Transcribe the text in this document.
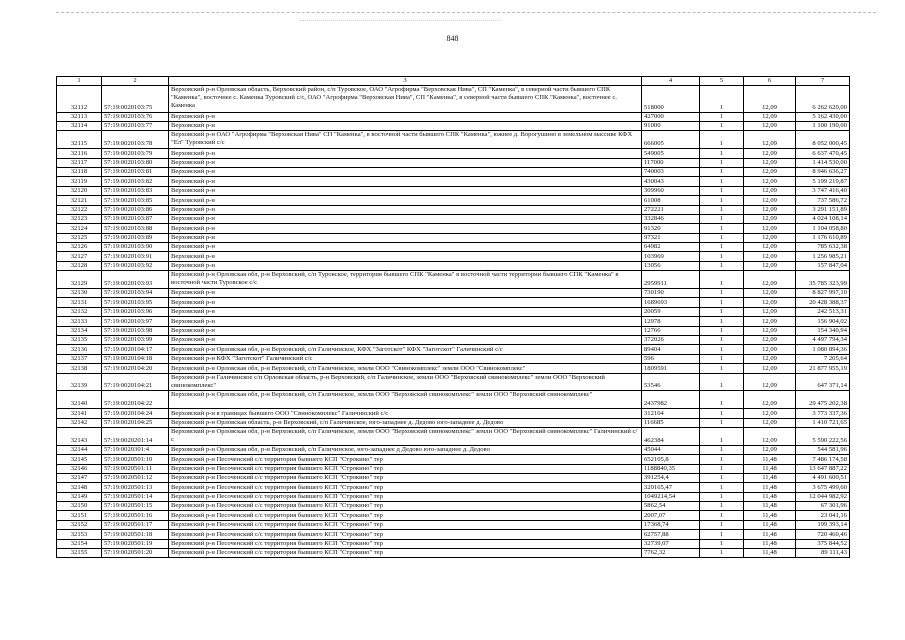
848
1	2	3	4	5	6	7
32112	57:19:0020103:75	Верховский р-н Орловская область, Верховский район, с/п Туровское, ОАО "Агрофирма "Верховская Нива", СП "Каменка", в северной части бывшего СПК "Каменка", восточнее с. Каменка Туровский с/с, ОАО "Агрофирма "Верховская Нива", СП "Каменка", в северной части бывшего СПК "Каменка", восточнее с. Каменка	518000	1	12,09	6 262 620,00
32113	57:19:0020103:76	Верховский р-н	427000	1	12,09	5 162 430,00
32114	57:19:0020103:77	Верховский р-н	91000	1	12,09	1 100 190,00
32115	57:19:0020103:78	Верховский р-н ОАО "Агрофирма "Верховская Нива" СП "Каменка", в восточной части бывшего СПК "Каменка", южнее д. Ворогушино в земельном массиве КФХ "Ел" Туровский с/с	666005	1	12,09	8 052 000,45
32116	57:19:0020103:79	Верховский р-н	549005	1	12,09	6 637 470,45
32117	57:19:0020103:80	Верховский р-н	117000	1	12,09	1 414 530,00
32118	57:19:0020103:81	Верховский р-н	740003	1	12,09	8 946 636,27
32119	57:19:0020103:82	Верховский р-н	430043	1	12,09	5 199 219,87
32120	57:19:0020103:83	Верховский р-н	309960	1	12,09	3 747 416,40
32121	57:19:0020103:85	Верховский р-н	61008	1	12,09	737 586,72
32122	57:19:0020103:86	Верховский р-н	272221	1	12,09	3 291 151,89
32123	57:19:0020103:87	Верховский р-н	332846	1	12,09	4 024 108,14
32124	57:19:0020103:88	Верховский р-н	91320	1	12,09	1 104 058,80
32125	57:19:0020103:89	Верховский р-н	97321	1	12,09	1 176 610,89
32126	57:19:0020103:90	Верховский р-н	64982	1	12,09	785 632,38
32127	57:19:0020103:91	Верховский р-н	103969	1	12,09	1 256 985,21
32128	57:19:0020103:92	Верховский р-н	13056	1	12,09	157 847,04
32129	57:19:0020103:93	Верховский р-н Орловская обл, р-н Верховский, с/п Туровское, территория бывшего СПК "Каменка" в восточной части территории бывшего СПК "Каменка" в восточной части Туровское с/с	2959911	1	12,09	35 785 323,99
32130	57:19:0020103:94	Верховский р-н	730190	1	12,09	8 827 997,10
32131	57:19:0020103:95	Верховский р-н	1689693	1	12,09	20 428 388,37
32132	57:19:0020103:96	Верховский р-н	20059	1	12,09	242 513,31
32133	57:19:0020103:97	Верховский р-н	12978	1	12,09	156 904,02
32134	57:19:0020103:98	Верховский р-н	12766	1	12,09	154 340,94
32135	57:19:0020103:99	Верховский р-н	372026	1	12,09	4 497 794,34
32136	57:19:0020104:17	Верховский р-н Орловская обл, р-н Верховский, с/п Галичинское, КФХ "Заготскот" КФХ "Заготскот" Галичинский с/с	89404	1	12,09	1 080 894,36
32137	57:19:0020104:18	Верховский р-н КФХ "Заготскот" Галичинский с/с	596	1	12,09	7 205,64
32138	57:19:0020104:20	Верховский р-н Орловская обл, р-н Верховский, с/п Галичинское, земли ООО "Свинокомплекс" земли ООО "Свинокомплекс"	1809591	1	12,09	21 877 955,19
32139	57:19:0020104:21	Верховский р-н Галичинское с/п Орловская область, р-н Верховский, с/п Галичинское, земли ООО "Верховский свинокомплекс" земли ООО "Верховский свинокомплекс"	53546	1	12,09	647 371,14
32140	57:19:0020104:22	Верховский р-н Орловская обл, р-н Верховский, с/п Галичинское, земли ООО "Верховский свинокомплекс" земли ООО "Верховский свинокомплекс"	2437982	1	12,09	29 475 202,38
32141	57:19:0020104:24	Верховский р-н в границах бывшего ООО "Свинокомплекс" Галичинский с/с	312104	1	12,09	3 773 337,36
32142	57:19:0020104:25	Верховский р-н Орловская область, р-н Верховский, с/п Галичинское, юго-западнее д. Дедово юго-западнее д. Дедово	116685	1	12,09	1 410 721,65
32143	57:19:0020201:14	Верховский р-н Орловская обл, р-н Верховский, с/п Галичинское, земли ООО "Верховский свинокомплекс" земли ООО "Верховский свинокомплекс" Галичинский с/с	462384	1	12,09	5 590 222,56
32144	57:19:0020301:4	Верховский р-н Орловская обл, р-н Верховский, с/п Галичинское, юго-западнее д Дедово юго-западнее д. Дедово	45044	1	12,09	544 581,96
32145	57:19:0020501:10	Верховский р-н Песоченский с/с территория бывшего КСП "Строкино" тер	652105,8	1	11,48	7 486 174,58
32146	57:19:0020501:11	Верховский р-н Песоченский с/с территория бывшего КСП "Строкино" тер	1188840,35	1	11,48	13 647 887,22
32147	57:19:0020501:12	Верховский р-н Песоченский с/с территория бывшего КСП "Строкино" тер	391254,4	1	11,48	4 491 600,51
32148	57:19:0020501:13	Верховский р-н Песоченский с/с территория бывшего КСП "Строкино" тер	320165,47	1	11,48	3 675 499,60
32149	57:19:0020501:14	Верховский р-н Песоченский с/с территория бывшего КСП "Строкино" тер	1049214,54	1	11,48	12 044 982,92
32150	57:19:0020501:15	Верховский р-н Песоченский с/с территория бывшего КСП "Строкино" тер	5862,54	1	11,48	67 301,96
32151	57:19:0020501:16	Верховский р-н Песоченский с/с территория бывшего КСП "Строкино" тер	2007,07	1	11,48	23 041,16
32152	57:19:0020501:17	Верховский р-н Песоченский с/с территория бывшего КСП "Строкино" тер	17368,74	1	11,48	199 393,14
32153	57:19:0020501:18	Верховский р-н Песоченский с/с территория бывшего КСП "Строкино" тер	62757,88	1	11,48	720 460,46
32154	57:19:0020501:19	Верховский р-н Песоченский с/с территория бывшего КСП "Строкино" тер	32739,07	1	11,48	375 844,52
32155	57:19:0020501:20	Верховский р-н Песоченский с/с территория бывшего КСП "Строкино" тер	7762,32	1	11,48	89 111,43
